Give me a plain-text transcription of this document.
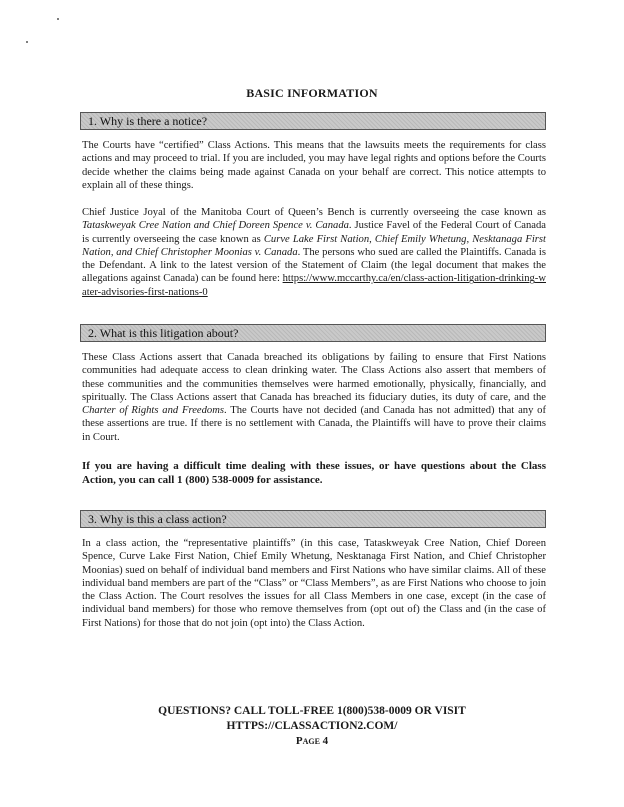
BASIC INFORMATION
1. Why is there a notice?

The Courts have “certified” Class Actions. This means that the lawsuits meets the requirements for class actions and may proceed to trial. If you are included, you may have legal rights and options before the Courts decide whether the claims being made against Canada on your behalf are correct. This notice attempts to explain all of these things.

Chief Justice Joyal of the Manitoba Court of Queen’s Bench is currently overseeing the case known as Tataskweyak Cree Nation and Chief Doreen Spence v. Canada. Justice Favel of the Federal Court of Canada is currently overseeing the case known as Curve Lake First Nation, Chief Emily Whetung, Nesktanaga First Nation, and Chief Christopher Moonias v. Canada. The persons who sued are called the Plaintiffs. Canada is the Defendant. A link to the latest version of the Statement of Claim (the legal document that makes the allegations against Canada) can be found here: https://www.mccarthy.ca/en/class-action-litigation-drinking-water-advisories-first-nations-0

2. What is this litigation about?

These Class Actions assert that Canada breached its obligations by failing to ensure that First Nations communities had adequate access to clean drinking water. The Class Actions also assert that members of these communities and the communities themselves were harmed emotionally, physically, financially, and spiritually. The Class Actions assert that Canada has breached its fiduciary duties, its duty of care, and the Charter of Rights and Freedoms. The Courts have not decided (and Canada has not admitted) that any of these assertions are true. If there is no settlement with Canada, the Plaintiffs will have to prove their claims in Court.

If you are having a difficult time dealing with these issues, or have questions about the Class Action, you can call 1 (800) 538-0009 for assistance.

3. Why is this a class action?

In a class action, the “representative plaintiffs” (in this case, Tataskweyak Cree Nation, Chief Doreen Spence, Curve Lake First Nation, Chief Emily Whetung, Nesktanaga First Nation, and Chief Christopher Moonias) sued on behalf of individual band members and First Nations who have similar claims. All of these individual band members are part of the “Class” or “Class Members”, as are First Nations who choose to join the Class Action. The Court resolves the issues for all Class Members in one case, except (in the case of individual band members) for those who remove themselves from (opt out of) the Class and (in the case of First Nations) for those that do not join (opt into) the Class Action.

QUESTIONS? CALL TOLL-FREE 1(800)538-0009 OR VISIT
HTTPS://CLASSACTION2.COM/
Page 4
